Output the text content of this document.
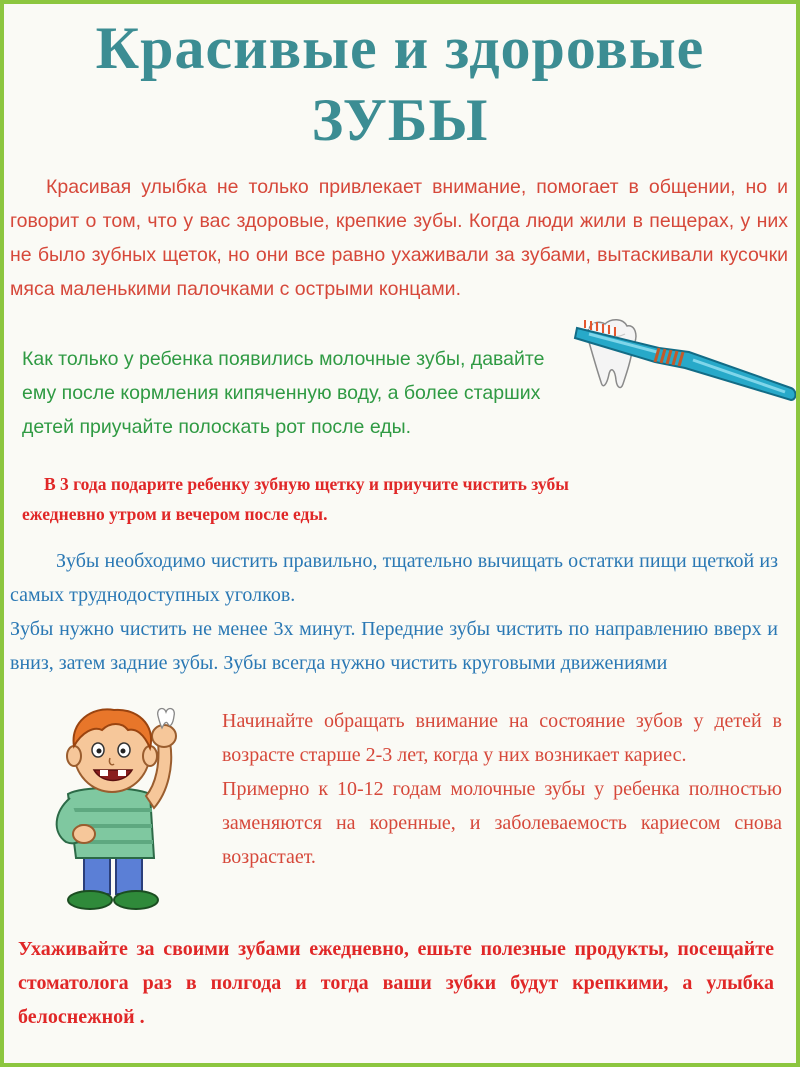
Красивые и здоровые
ЗУБЫ

Красивая улыбка не только привлекает внимание, помогает в общении, но и говорит о том, что у вас здоровые, крепкие зубы. Когда люди жили в пещерах, у них не было зубных щеток, но они все равно ухаживали за зубами, вытаскивали кусочки мяса маленькими палочками с острыми концами.

Как только у ребенка появились молочные зубы, давайте ему после кормления кипяченную воду, а более старших детей приучайте полоскать рот после еды.

В 3 года подарите ребенку зубную щетку и приучите чистить зубы
ежедневно утром и вечером после еды.

Зубы необходимо чистить правильно, тщательно вычищать остатки пищи щеткой из самых труднодоступных уголков.
Зубы нужно чистить не менее 3х минут. Передние зубы чистить по направлению вверх и вниз, затем задние зубы. Зубы всегда нужно чистить круговыми движениями
Начинайте обращать внимание на состояние зубов у детей в возрасте старше 2-3 лет, когда у них возникает кариес.
Примерно к 10-12 годам молочные зубы у ребенка полностью заменяются на коренные, и заболеваемость кариесом снова возрастает.

Ухаживайте за своими зубами ежедневно, ешьте полезные продукты, посещайте стоматолога раз в полгода и тогда ваши зубки будут крепкими, а улыбка белоснежной .
